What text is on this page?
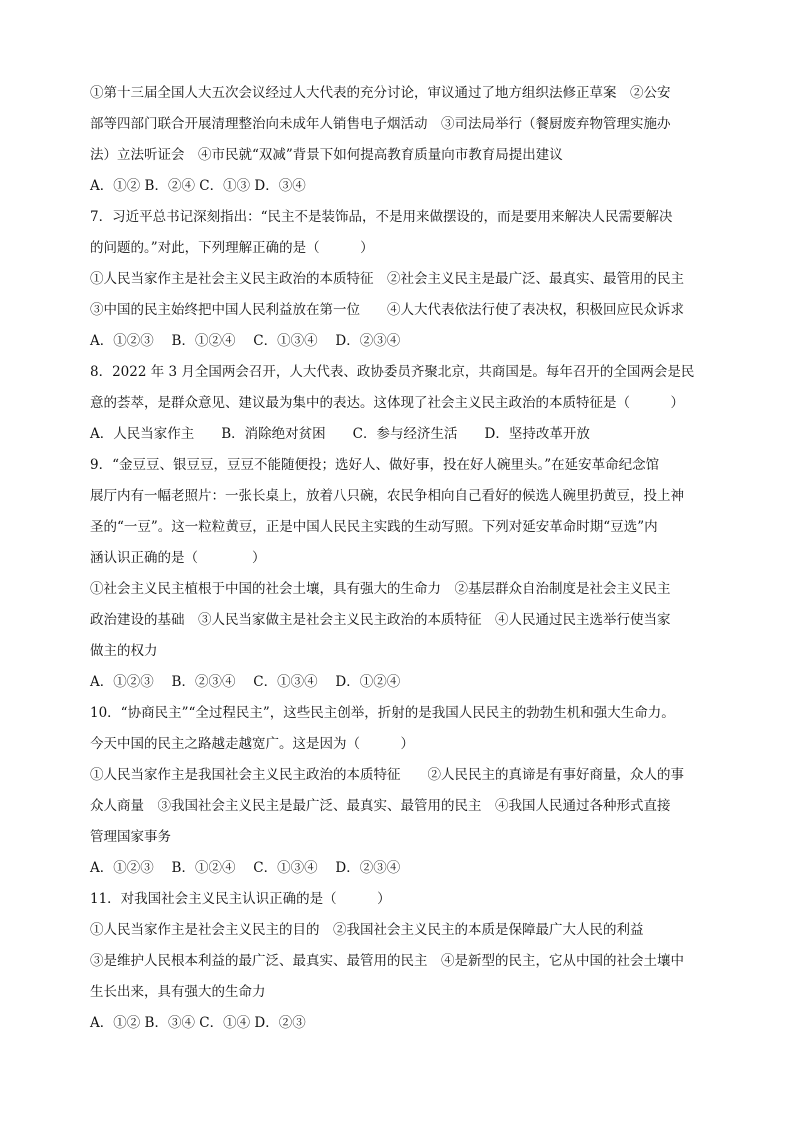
①第十三届全国人大五次会议经过人大代表的充分讨论，审议通过了地方组织法修正草案　②公安
部等四部门联合开展清理整治向未成年人销售电子烟活动　③司法局举行（餐厨废弃物管理实施办
法）立法听证会　④市民就“双减”背景下如何提高教育质量向市教育局提出建议
A．①② B．②④ C．①③ D．③④
7．习近平总书记深刻指出：“民主不是装饰品，不是用来做摆设的，而是要用来解决人民需要解决
的问题的。”对此，下列理解正确的是（　　　）
①人民当家作主是社会主义民主政治的本质特征　②社会主义民主是最广泛、最真实、最管用的民主
③中国的民主始终把中国人民利益放在第一位　　④人大代表依法行使了表决权，积极回应民众诉求
A．①②③　 B．①②④　 C．①③④　 D．②③④
8．2022 年 3 月全国两会召开，人大代表、政协委员齐聚北京，共商国是。每年召开的全国两会是民
意的荟萃，是群众意见、建议最为集中的表达。这体现了社会主义民主政治的本质特征是（　　　）
A．人民当家作主　　B．消除绝对贫困　　C．参与经济生活　　D．坚持改革开放
9．“金豆豆、银豆豆，豆豆不能随便投；选好人、做好事，投在好人碗里头。”在延安革命纪念馆
展厅内有一幅老照片：一张长桌上，放着八只碗，农民争相向自己看好的候选人碗里扔黄豆，投上神
圣的“一豆”。这一粒粒黄豆，正是中国人民民主实践的生动写照。下列对延安革命时期“豆选”内
涵认识正确的是（　　　　）
①社会主义民主植根于中国的社会土壤，具有强大的生命力　②基层群众自治制度是社会主义民主
政治建设的基础　③人民当家做主是社会主义民主政治的本质特征　④人民通过民主选举行使当家
做主的权力
A．①②③　 B．②③④　 C．①③④　 D．①②④
10．“协商民主”“全过程民主”，这些民主创举，折射的是我国人民民主的勃勃生机和强大生命力。
今天中国的民主之路越走越宽广。这是因为（　　　）
①人民当家作主是我国社会主义民主政治的本质特征　　②人民民主的真谛是有事好商量，众人的事
众人商量　③我国社会主义民主是最广泛、最真实、最管用的民主　④我国人民通过各种形式直接
管理国家事务
A．①②③　 B．①②④　 C．①③④　 D．②③④
11．对我国社会主义民主认识正确的是（　　　）
①人民当家作主是社会主义民主的目的　②我国社会主义民主的本质是保障最广大人民的利益
③是维护人民根本利益的最广泛、最真实、最管用的民主　④是新型的民主，它从中国的社会土壤中
生长出来，具有强大的生命力
A．①② B．③④ C．①④ D．②③
